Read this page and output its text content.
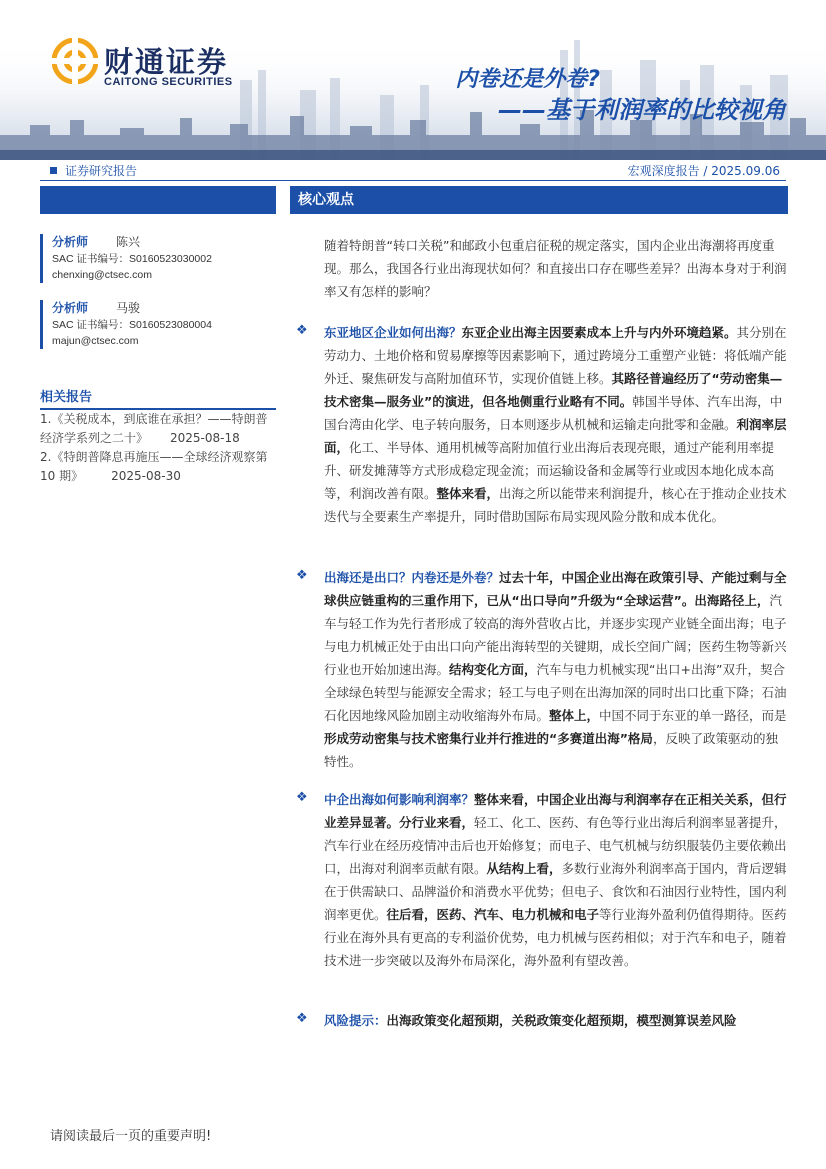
财通证券
CAITONG SECURITIES	内卷还是外卷?
——基于利润率的比较视角
证券研究报告	宏观深度报告 / 2025.09.06
核心观点
分析师 陈兴
SAC 证书编号：S0160523030002
chenxing@ctsec.com
分析师 马骏
SAC 证书编号：S0160523080004
majun@ctsec.com
相关报告
1.《关税成本，到底谁在承担？——特朗普
经济学系列之二十》 2025-08-18
2.《特朗普降息再施压——全球经济观察第
10 期》 2025-08-30
随着特朗普“转口关税”和邮政小包重启征税的规定落实，国内企业出海潮将再度重现。那么，我国各行业出海现状如何？和直接出口存在哪些差异？出海本身对于利润率又有怎样的影响？
❖ 东亚地区企业如何出海？东亚企业出海主因要素成本上升与内外环境趋紧。其分别在劳动力、土地价格和贸易摩擦等因素影响下，通过跨境分工重塑产业链：将低端产能外迁、聚焦研发与高附加值环节，实现价值链上移。其路径普遍经历了“劳动密集—技术密集—服务业”的演进，但各地侧重行业略有不同。韩国半导体、汽车出海，中国台湾由化学、电子转向服务，日本则逐步从机械和运输走向批零和金融。利润率层面，化工、半导体、通用机械等高附加值行业出海后表现亮眼，通过产能利用率提升、研发摊薄等方式形成稳定现金流；而运输设备和金属等行业或因本地化成本高等，利润改善有限。整体来看，出海之所以能带来利润提升，核心在于推动企业技术迭代与全要素生产率提升，同时借助国际布局实现风险分散和成本优化。
❖ 出海还是出口？内卷还是外卷？过去十年，中国企业出海在政策引导、产能过剩与全球供应链重构的三重作用下，已从“出口导向”升级为“全球运营”。出海路径上，汽车与轻工作为先行者形成了较高的海外营收占比，并逐步实现产业链全面出海；电子与电力机械正处于由出口向产能出海转型的关键期，成长空间广阔；医药生物等新兴行业也开始加速出海。结构变化方面，汽车与电力机械实现“出口+出海”双升，契合全球绿色转型与能源安全需求；轻工与电子则在出海加深的同时出口比重下降；石油石化因地缘风险加剧主动收缩海外布局。整体上，中国不同于东亚的单一路径，而是形成劳动密集与技术密集行业并行推进的“多赛道出海”格局，反映了政策驱动的独特性。
❖ 中企出海如何影响利润率？整体来看，中国企业出海与利润率存在正相关关系，但行业差异显著。分行业来看，轻工、化工、医药、有色等行业出海后利润率显著提升，汽车行业在经历疫情冲击后也开始修复；而电子、电气机械与纺织服装仍主要依赖出口，出海对利润率贡献有限。从结构上看，多数行业海外利润率高于国内，背后逻辑在于供需缺口、品牌溢价和消费水平优势；但电子、食饮和石油因行业特性，国内利润率更优。往后看，医药、汽车、电力机械和电子等行业海外盈利仍值得期待。医药行业在海外具有更高的专利溢价优势，电力机械与医药相似；对于汽车和电子，随着技术进一步突破以及海外布局深化，海外盈利有望改善。
❖ 风险提示：出海政策变化超预期，关税政策变化超预期，模型测算误差风险
请阅读最后一页的重要声明!
